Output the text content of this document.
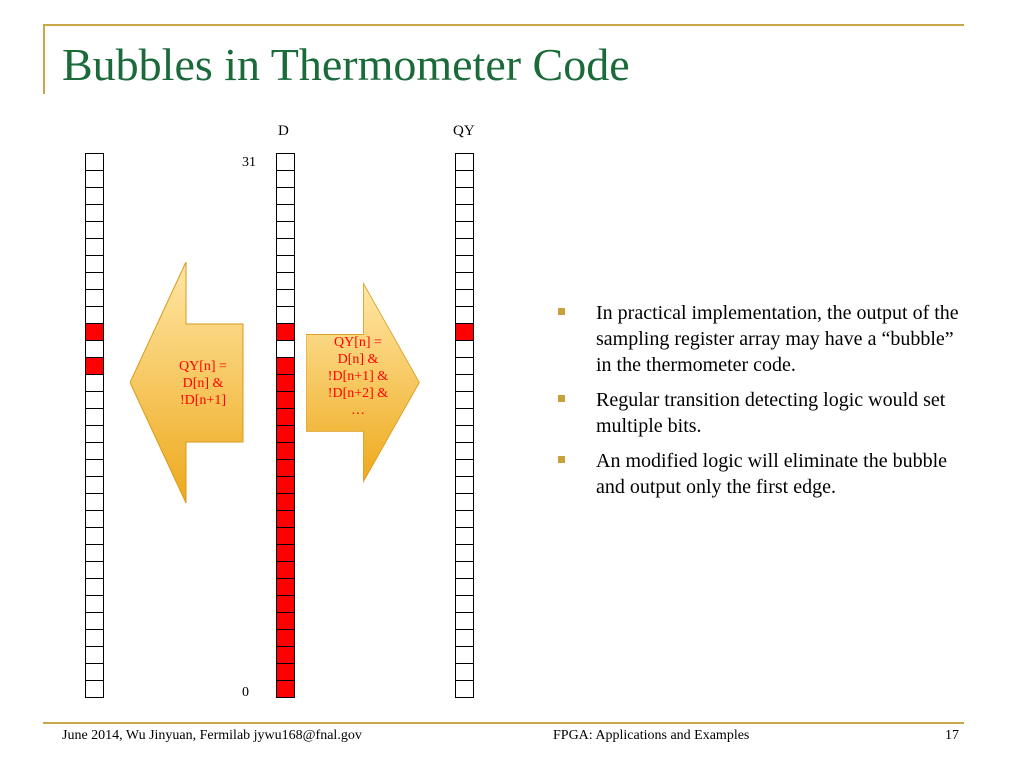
Bubbles in Thermometer Code
D	QY
31
0
QY[n] =
D[n] &
!D[n+1]
QY[n] =
D[n] &
!D[n+1] &
!D[n+2] &
…
In practical implementation, the output of the sampling register array may have a “bubble” in the thermometer code.
Regular transition detecting logic would set multiple bits.
An modified logic will eliminate the bubble and output only the first edge.
June 2014, Wu Jinyuan, Fermilab jywu168@fnal.gov	FPGA: Applications and Examples	17
